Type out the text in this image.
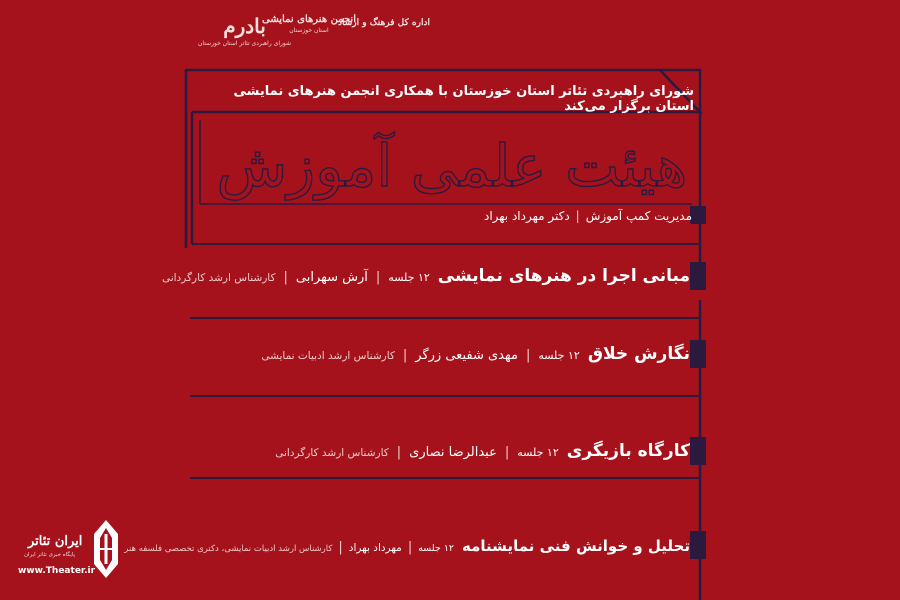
بادرم
شورای راهبردی تئاتر استان خوزستان
انجمن هنرهای نمایشی
استان خوزستان
اداره کل فرهنگ و ارشاد
شورای راهبردی تئاتر استان خوزستان با همکاری انجمن هنرهای نمایشی استان برگزار می‌کند
هیئت علمی آموزش
مدیریت کمپ آموزش|دکتر مهرداد بهراد
مبانی اجرا در هنرهای نمایشی۱۲ جلسه|آرش سهرابی|کارشناس ارشد کارگردانی
نگارش خلاق۱۲ جلسه|مهدی شفیعی زرگر|کارشناس ارشد ادبیات نمایشی
کارگاه بازیگری۱۲ جلسه|عبدالرضا نصاری|کارشناس ارشد کارگردانی
تحلیل و خوانش فنی نمایشنامه۱۲ جلسه|مهرداد بهراد|کارشناس ارشد ادبیات نمایشی، دکتری تخصصی فلسفه هنر
ایران تئاتر
پایگاه خبری تئاتر ایران
www.Theater.ir
